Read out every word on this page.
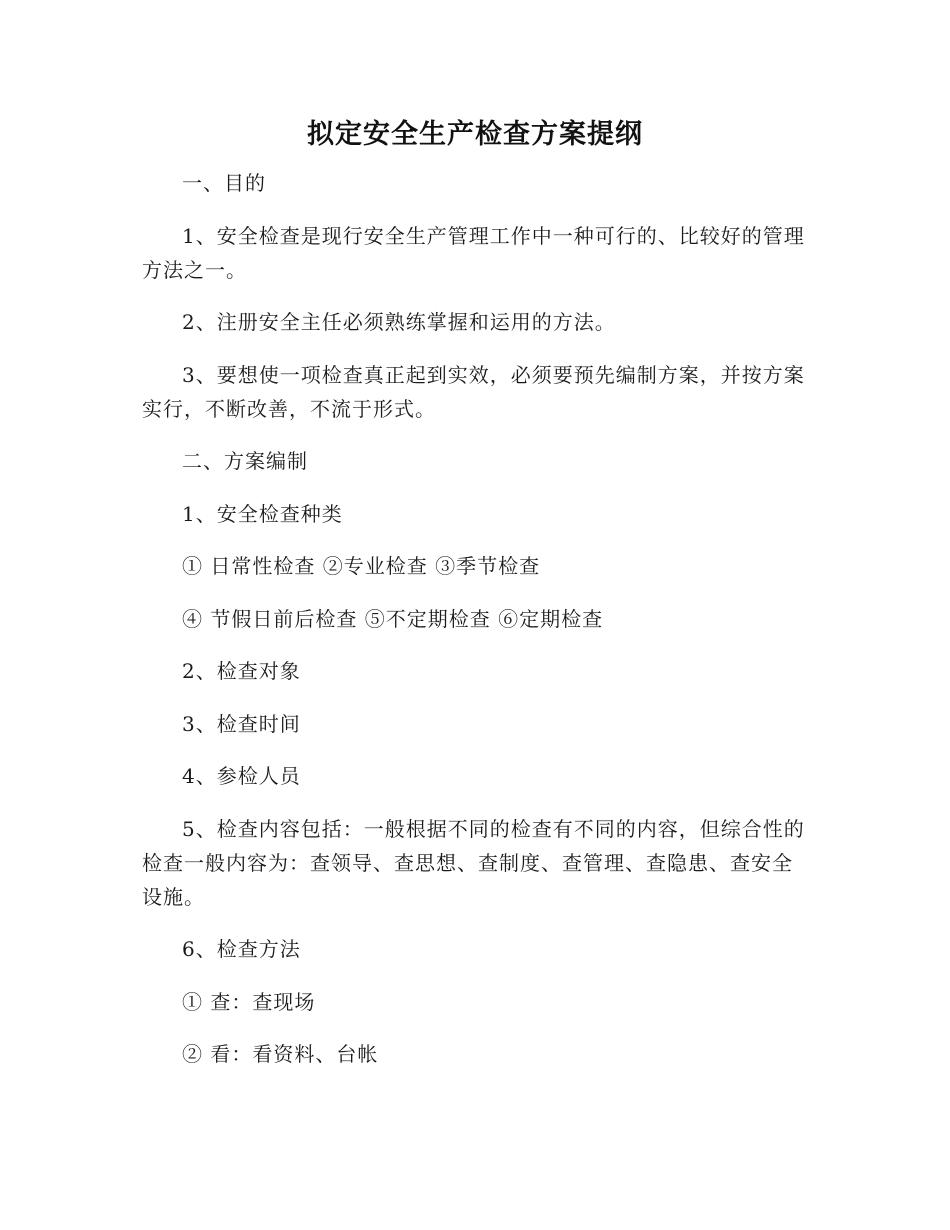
拟定安全生产检查方案提纲

一、目的

1、安全检查是现行安全生产管理工作中一种可行的、比较好的管理方法之一。

2、注册安全主任必须熟练掌握和运用的方法。

3、要想使一项检查真正起到实效，必须要预先编制方案，并按方案实行，不断改善，不流于形式。

二、方案编制

1、安全检查种类

① 日常性检查 ②专业检查 ③季节检查

④ 节假日前后检查 ⑤不定期检查 ⑥定期检查

2、检查对象

3、检查时间

4、参检人员

5、检查内容包括：一般根据不同的检查有不同的内容，但综合性的检查一般内容为：查领导、查思想、查制度、查管理、查隐患、查安全设施。

6、检查方法

① 查：查现场

② 看：看资料、台帐
